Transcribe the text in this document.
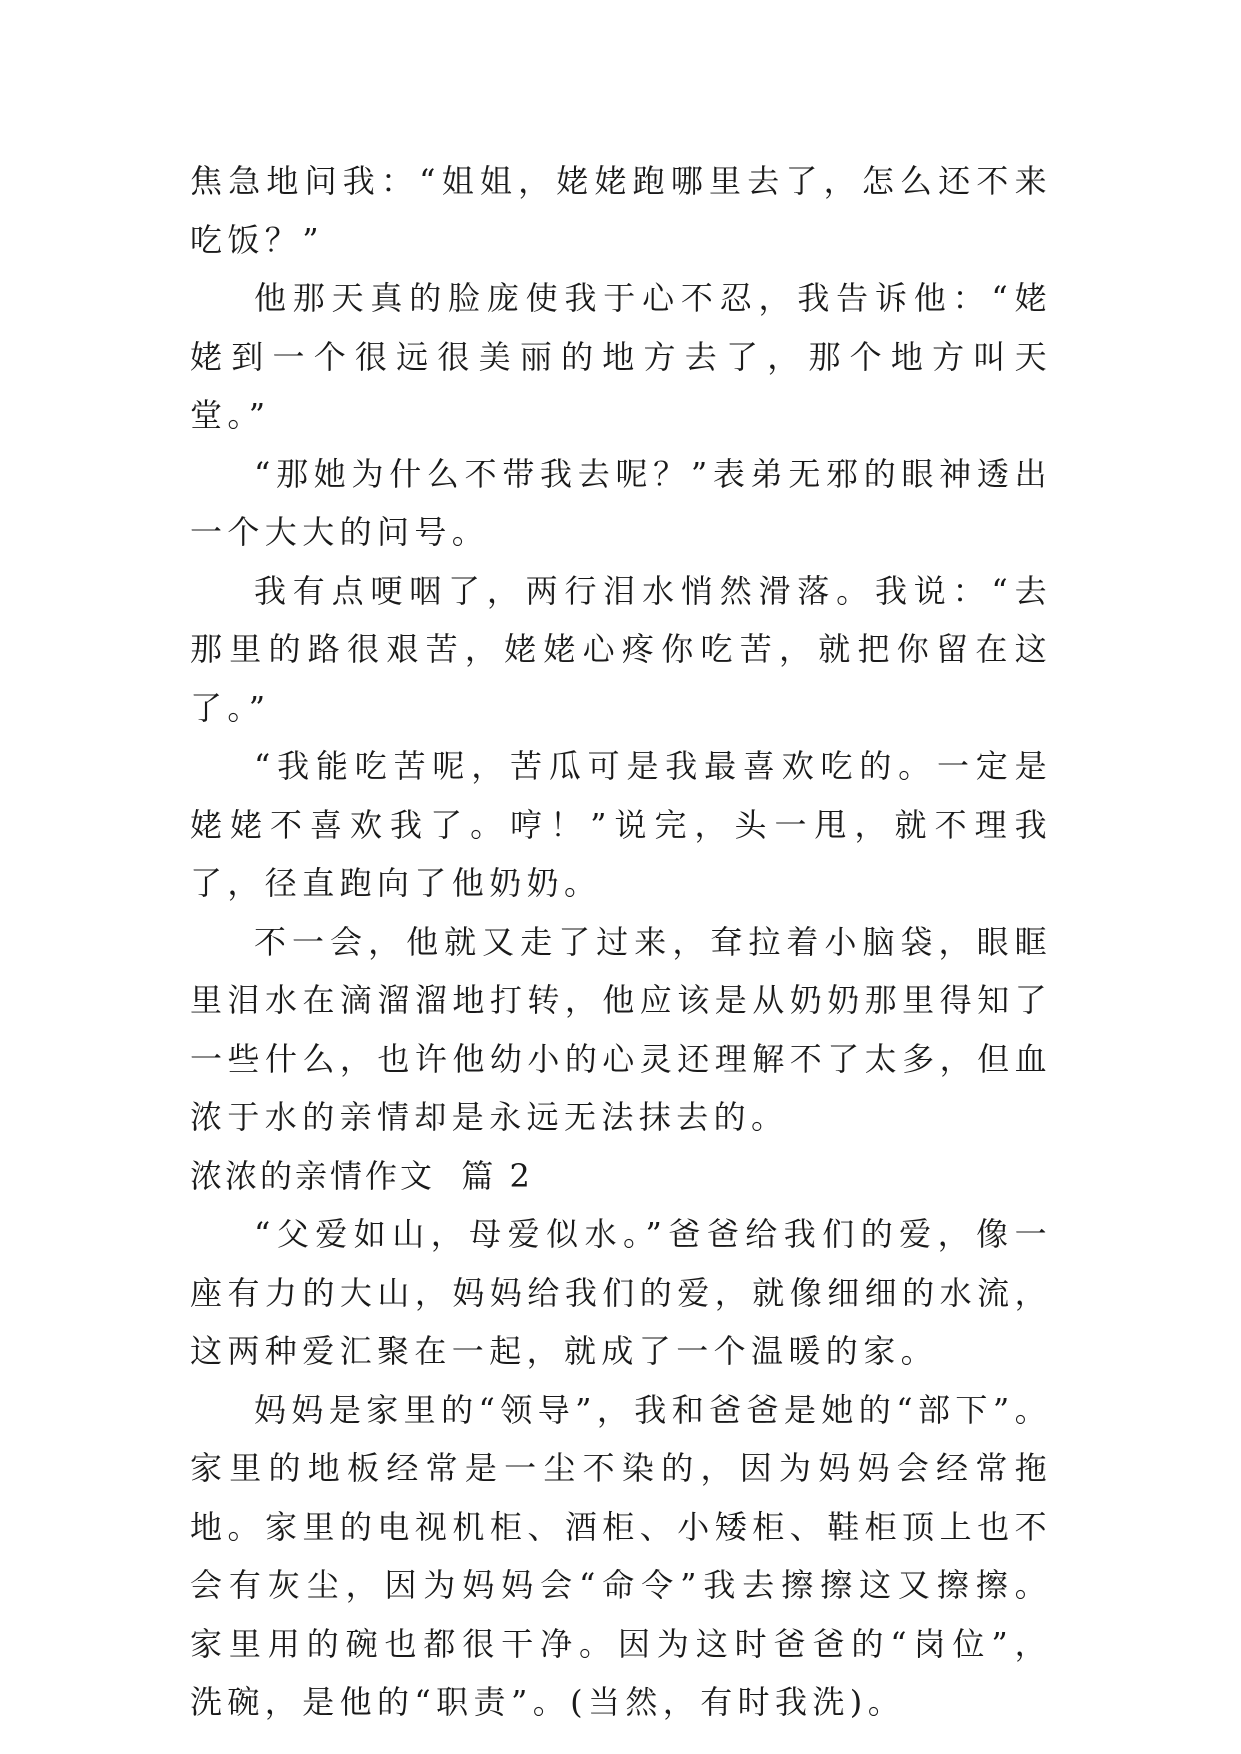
焦急地问我：“姐姐，姥姥跑哪里去了，怎么还不来吃饭？”

他那天真的脸庞使我于心不忍，我告诉他：“姥姥到一个很远很美丽的地方去了，那个地方叫天堂。”

“那她为什么不带我去呢？”表弟无邪的眼神透出一个大大的问号。

我有点哽咽了，两行泪水悄然滑落。我说：“去那里的路很艰苦，姥姥心疼你吃苦，就把你留在这了。”

“我能吃苦呢，苦瓜可是我最喜欢吃的。一定是姥姥不喜欢我了。哼！”说完，头一甩，就不理我了，径直跑向了他奶奶。

不一会，他就又走了过来，耷拉着小脑袋，眼眶里泪水在滴溜溜地打转，他应该是从奶奶那里得知了一些什么，也许他幼小的心灵还理解不了太多，但血浓于水的亲情却是永远无法抹去的。

浓浓的亲情作文  篇 2

“父爱如山，母爱似水。”爸爸给我们的爱，像一座有力的大山，妈妈给我们的爱，就像细细的水流，这两种爱汇聚在一起，就成了一个温暖的家。

妈妈是家里的“领导”，我和爸爸是她的“部下”。家里的地板经常是一尘不染的，因为妈妈会经常拖地。家里的电视机柜、酒柜、小矮柜、鞋柜顶上也不会有灰尘，因为妈妈会“命令”我去擦擦这又擦擦。家里用的碗也都很干净。因为这时爸爸的“岗位”，洗碗，是他的“职责”。(当然，有时我洗)。
